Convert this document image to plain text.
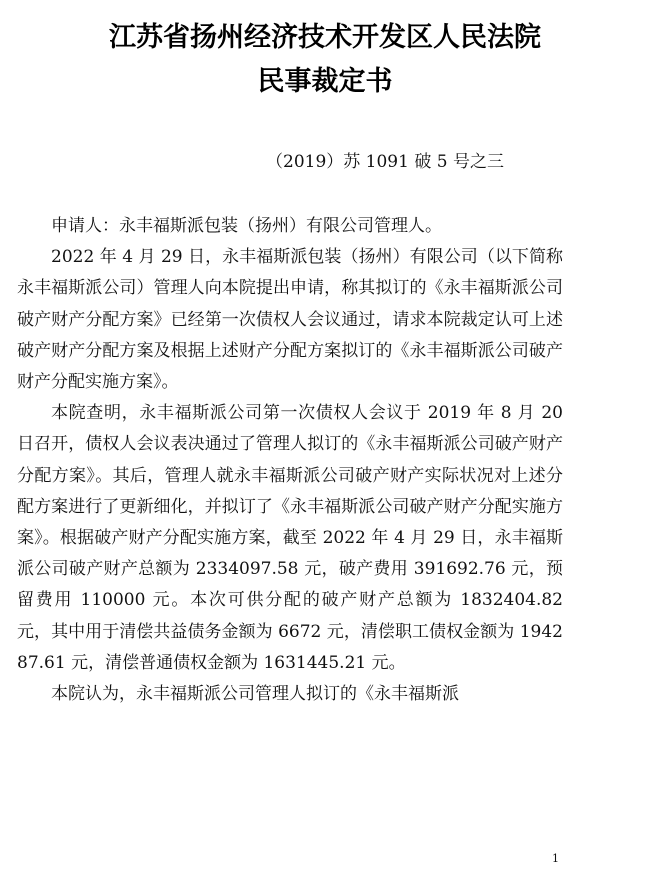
江苏省扬州经济技术开发区人民法院
民事裁定书
（2019）苏 1091 破 5 号之三

申请人：永丰福斯派包装（扬州）有限公司管理人。

2022 年 4 月 29 日，永丰福斯派包装（扬州）有限公司（以下简称永丰福斯派公司）管理人向本院提出申请，称其拟订的《永丰福斯派公司破产财产分配方案》已经第一次债权人会议通过，请求本院裁定认可上述破产财产分配方案及根据上述财产分配方案拟订的《永丰福斯派公司破产财产分配实施方案》。

本院查明，永丰福斯派公司第一次债权人会议于 2019 年 8 月 20 日召开，债权人会议表决通过了管理人拟订的《永丰福斯派公司破产财产分配方案》。其后，管理人就永丰福斯派公司破产财产实际状况对上述分配方案进行了更新细化，并拟订了《永丰福斯派公司破产财产分配实施方案》。根据破产财产分配实施方案，截至 2022 年 4 月 29 日，永丰福斯派公司破产财产总额为 2334097.58 元，破产费用 391692.76 元，预留费用 110000 元。本次可供分配的破产财产总额为 1832404.82 元，其中用于清偿共益债务金额为 6672 元，清偿职工债权金额为 194287.61 元，清偿普通债权金额为 1631445.21 元。

本院认为，永丰福斯派公司管理人拟订的《永丰福斯派

1
